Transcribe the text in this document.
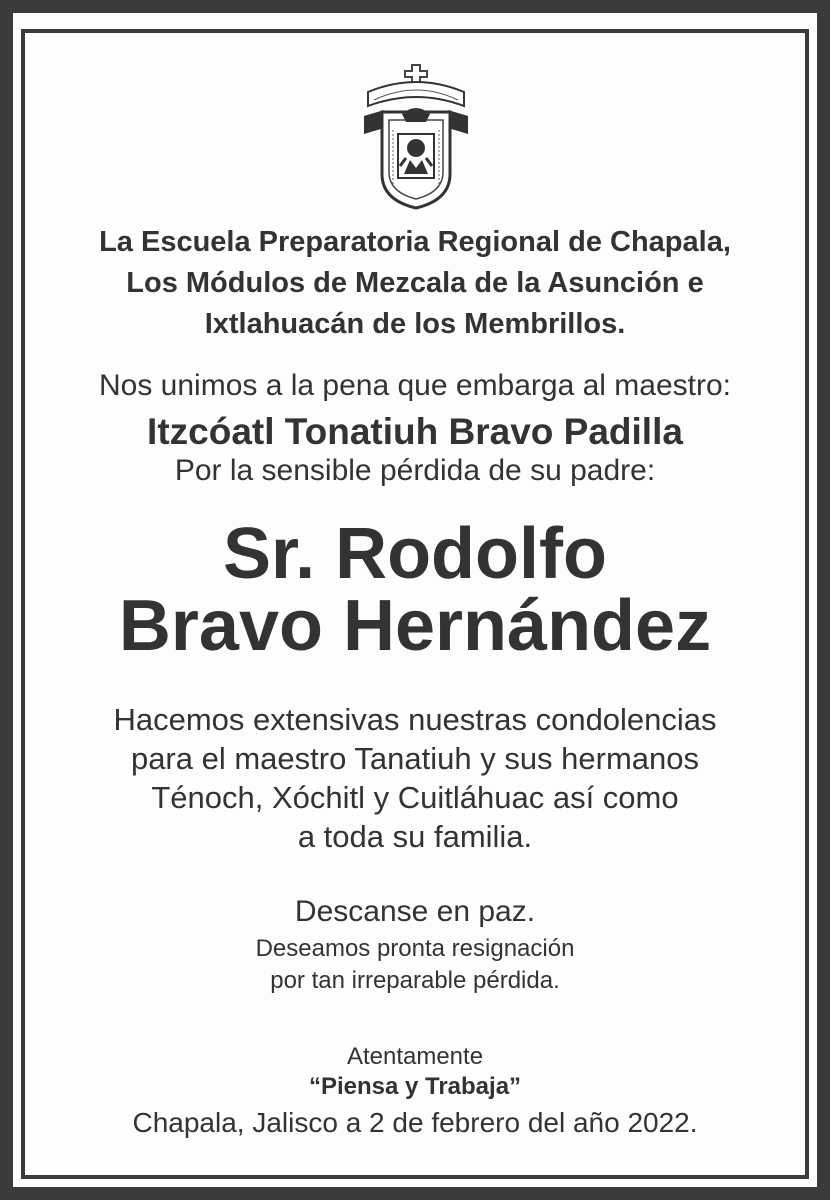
La Escuela Preparatoria Regional de Chapala,
Los Módulos de Mezcala de la Asunción e
Ixtlahuacán de los Membrillos.
Nos unimos a la pena que embarga al maestro:
Itzcóatl Tonatiuh Bravo Padilla
Por la sensible pérdida de su padre:
Sr. Rodolfo
Bravo Hernández
Hacemos extensivas nuestras condolencias
para el maestro Tanatiuh y sus hermanos
Ténoch, Xóchitl y Cuitláhuac así como
a toda su familia.
Descanse en paz.
Deseamos pronta resignación
por tan irreparable pérdida.
Atentamente
“Piensa y Trabaja”
Chapala, Jalisco a 2 de febrero del año 2022.
